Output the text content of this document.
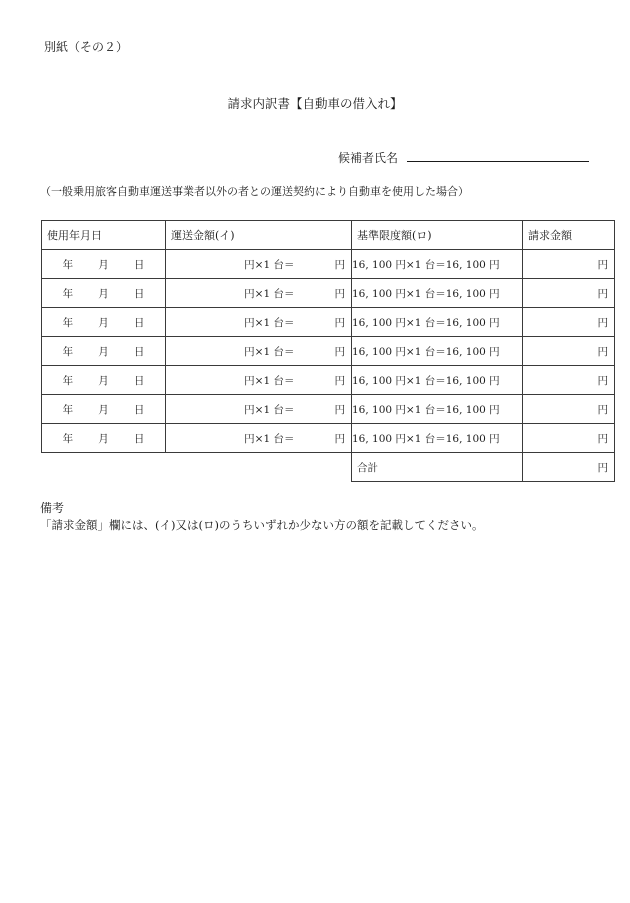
別紙（その２）
請求内訳書【自動車の借入れ】
候補者氏名
（一般乗用旅客自動車運送事業者以外の者との運送契約により自動車を使用した場合）
使用年月日	運送金額(イ)	基準限度額(ロ)	請求金額

年 月 日	円×1 台＝ 円	16, 100 円×1 台＝16, 100 円	円

年 月 日	円×1 台＝ 円	16, 100 円×1 台＝16, 100 円	円

年 月 日	円×1 台＝ 円	16, 100 円×1 台＝16, 100 円	円

年 月 日	円×1 台＝ 円	16, 100 円×1 台＝16, 100 円	円

年 月 日	円×1 台＝ 円	16, 100 円×1 台＝16, 100 円	円

年 月 日	円×1 台＝ 円	16, 100 円×1 台＝16, 100 円	円

年 月 日	円×1 台＝ 円	16, 100 円×1 台＝16, 100 円	円
		合計	円
備考
「請求金額」欄には、(イ)又は(ロ)のうちいずれか少ない方の額を記載してください。
